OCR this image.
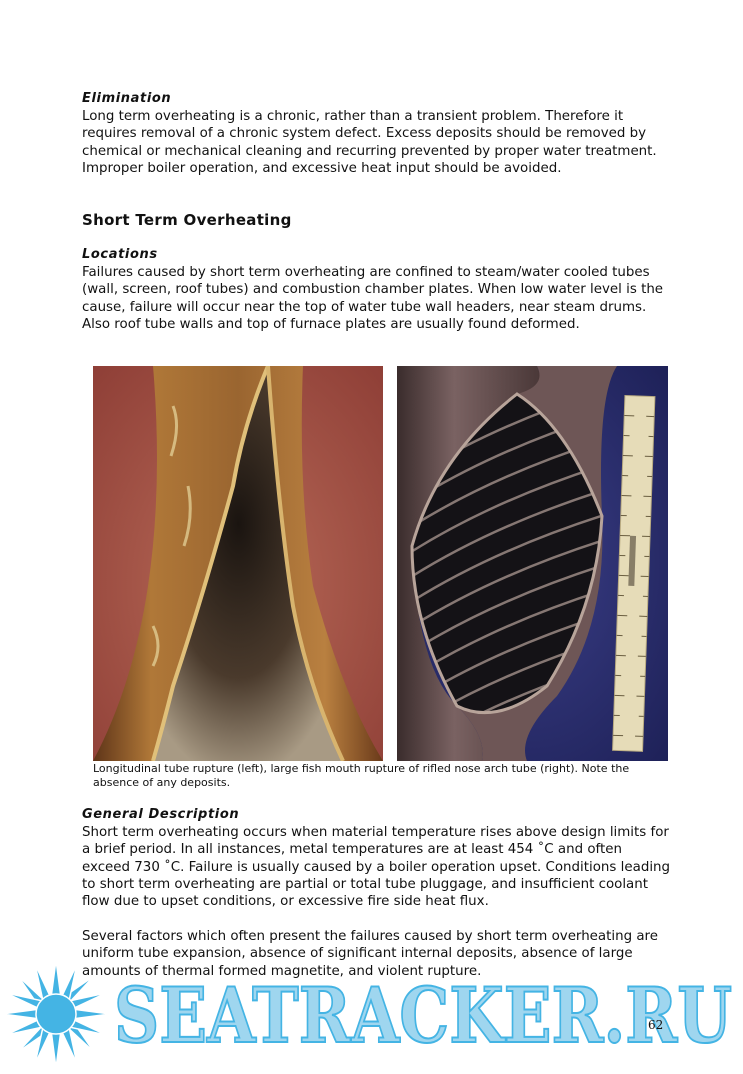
Elimination

Long term overheating is a chronic, rather than a transient problem. Therefore it requires removal of a chronic system defect. Excess deposits should be removed by chemical or mechanical cleaning and recurring prevented by proper water treatment. Improper boiler operation, and excessive heat input should be avoided.

Short Term Overheating
Locations

Failures caused by short term overheating are confined to steam/water cooled tubes (wall, screen, roof tubes) and combustion chamber plates. When low water level is the cause, failure will occur near the top of water tube wall headers, near steam drums. Also roof tube walls and top of furnace plates are usually found deformed.

Longitudinal tube rupture (left), large fish mouth rupture of rifled nose arch tube (right). Note the absence of any deposits.

General Description

Short term overheating occurs when material temperature rises above design limits for a brief period. In all instances, metal temperatures are at least 454 ˚C and often exceed 730 ˚C. Failure is usually caused by a boiler operation upset. Conditions leading to short term overheating are partial or total tube pluggage, and insufficient coolant flow due to upset conditions, or excessive fire side heat flux.

Several factors which often present the failures caused by short term overheating are uniform tube expansion, absence of significant internal deposits, absence of large amounts of thermal formed magnetite, and violent rupture.

SEATRACKER.RU
62
